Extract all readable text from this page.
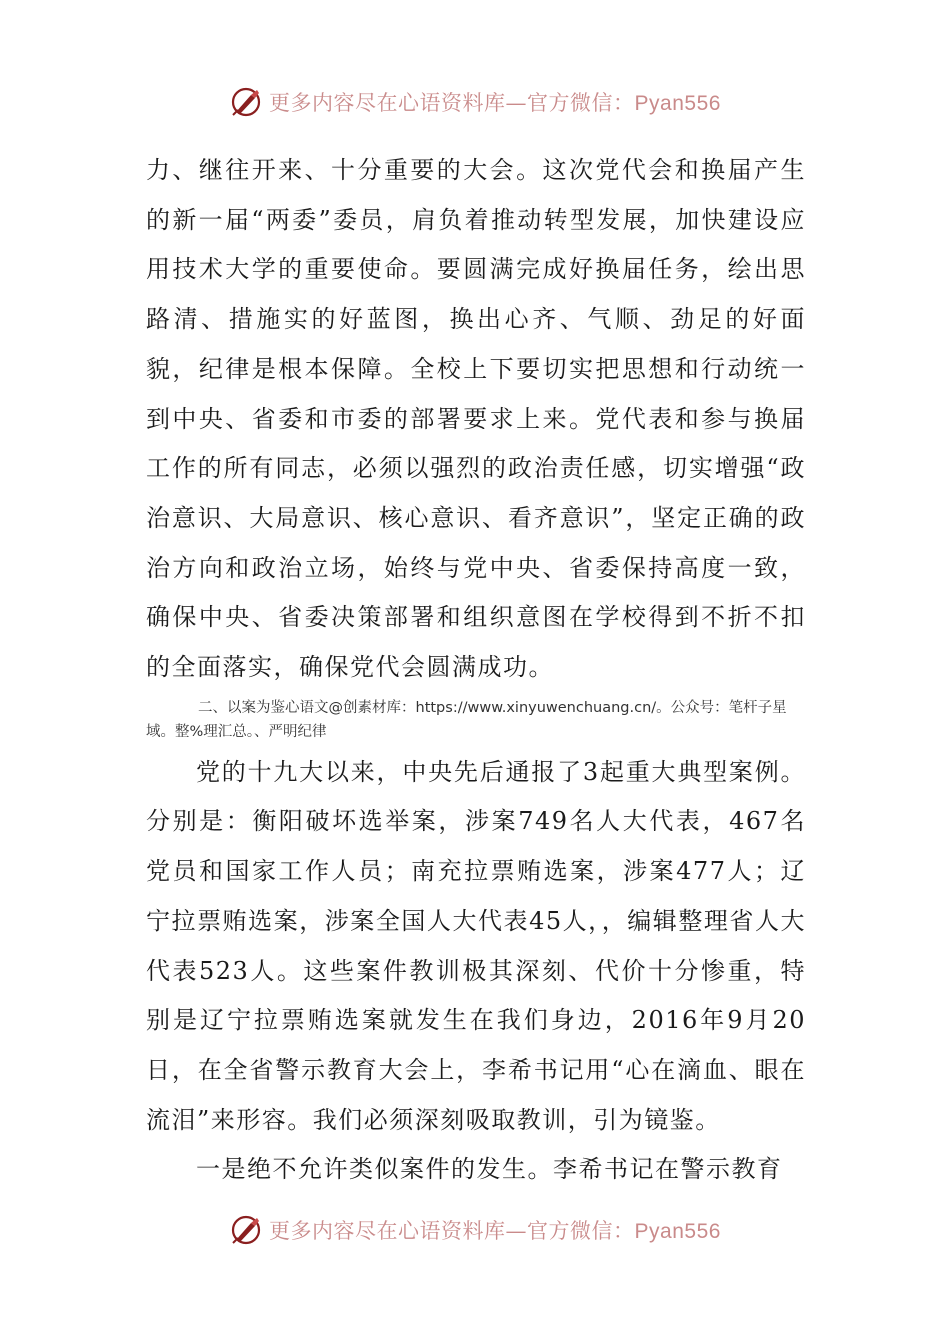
更多内容尽在心语资料库—官方微信：Pyan556

力、继往开来、十分重要的大会。这次党代会和换届产生的新一届“两委”委员，肩负着推动转型发展，加快建设应用技术大学的重要使命。要圆满完成好换届任务，绘出思路清、措施实的好蓝图，换出心齐、气顺、劲足的好面貌，纪律是根本保障。全校上下要切实把思想和行动统一到中央、省委和市委的部署要求上来。党代表和参与换届工作的所有同志，必须以强烈的政治责任感，切实增强“政治意识、大局意识、核心意识、看齐意识”，坚定正确的政治方向和政治立场，始终与党中央、省委保持高度一致，确保中央、省委决策部署和组织意图在学校得到不折不扣的全面落实，确保党代会圆满成功。

二、以案为鉴心语文@创素材库：https://www.xinyuwenchuang.cn/。公众号：笔杆子星域。整%理汇总。、严明纪律

党的十九大以来，中央先后通报了3起重大典型案例。分别是：衡阳破坏选举案，涉案749名人大代表，467名党员和国家工作人员；南充拉票贿选案，涉案477人；辽宁拉票贿选案，涉案全国人大代表45人，，编辑整理省人大代表523人。这些案件教训极其深刻、代价十分惨重，特别是辽宁拉票贿选案就发生在我们身边，2016年9月20日，在全省警示教育大会上，李希书记用“心在滴血、眼在流泪”来形容。我们必须深刻吸取教训，引为镜鉴。

一是绝不允许类似案件的发生。李希书记在警示教育

更多内容尽在心语资料库—官方微信：Pyan556
